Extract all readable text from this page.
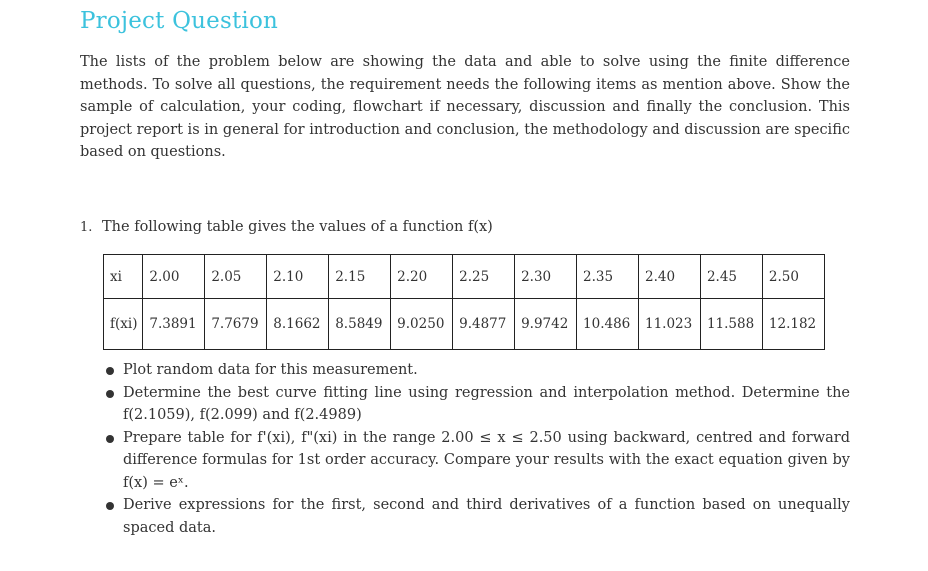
Project Question

The lists of the problem below are showing the data and able to solve using the finite difference methods. To solve all questions, the requirement needs the following items as mention above. Show the sample of calculation, your coding, flowchart if necessary, discussion and finally the conclusion. This project report is in general for introduction and conclusion, the methodology and discussion are specific based on questions.

1. The following table gives the values of a function f(x)

xi	2.00	2.05	2.10	2.15	2.20	2.25	2.30	2.35	2.40	2.45	2.50
f(xi)	7.3891	7.7679	8.1662	8.5849	9.0250	9.4877	9.9742	10.486	11.023	11.588	12.182
Plot random data for this measurement.
Determine the best curve fitting line using regression and interpolation method. Determine the f(2.1059), f(2.099) and f(2.4989)
Prepare table for f'(xi), f"(xi) in the range 2.00 ≤ x ≤ 2.50 using backward, centred and forward difference formulas for 1st order accuracy. Compare your results with the exact equation given by f(x) = eˣ.
Derive expressions for the first, second and third derivatives of a function based on unequally spaced data.
